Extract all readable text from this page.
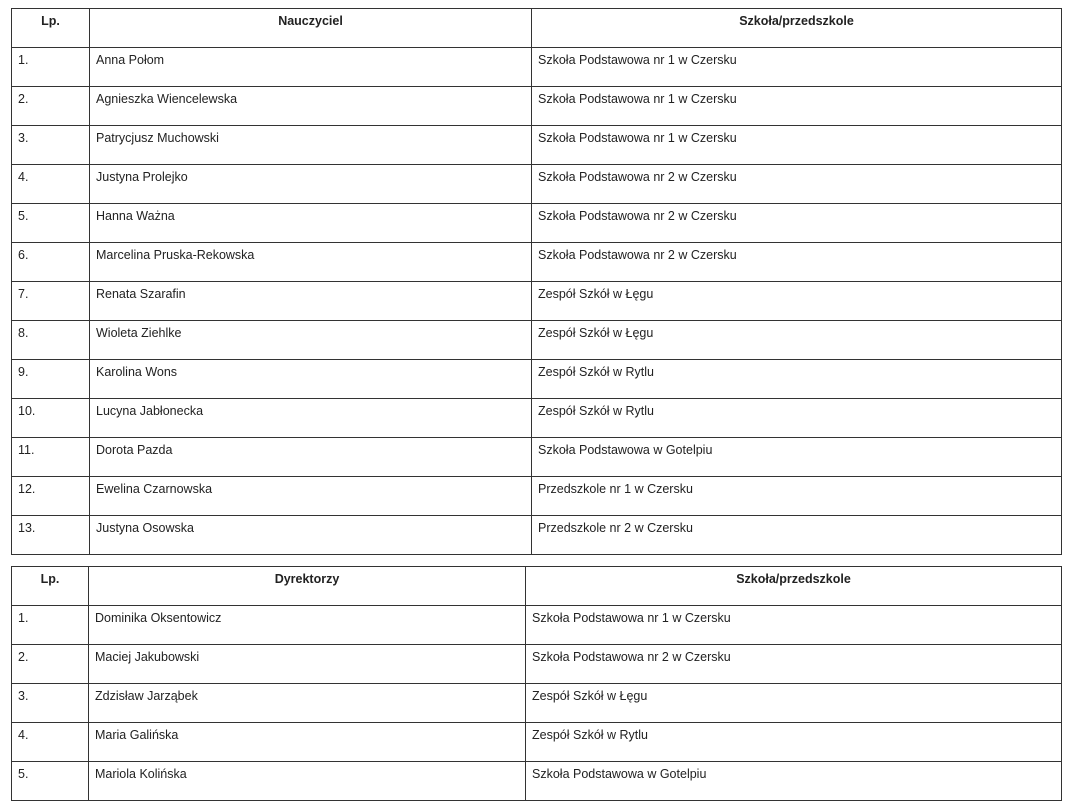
Lp.	Nauczyciel	Szkoła/przedszkole
1.	Anna Połom	Szkoła Podstawowa nr 1 w Czersku
2.	Agnieszka Wiencelewska	Szkoła Podstawowa nr 1 w Czersku
3.	Patrycjusz Muchowski	Szkoła Podstawowa nr 1 w Czersku
4.	Justyna Prolejko	Szkoła Podstawowa nr 2 w Czersku
5.	Hanna Ważna	Szkoła Podstawowa nr 2 w Czersku
6.	Marcelina Pruska-Rekowska	Szkoła Podstawowa nr 2 w Czersku
7.	Renata Szarafin	Zespół Szkół w Łęgu
8.	Wioleta Ziehlke	Zespół Szkół w Łęgu
9.	Karolina Wons	Zespół Szkół w Rytlu
10.	Lucyna Jabłonecka	Zespół Szkół w Rytlu
11.	Dorota Pazda	Szkoła Podstawowa w Gotelpiu
12.	Ewelina Czarnowska	Przedszkole nr 1 w Czersku
13.	Justyna Osowska	Przedszkole nr 2 w Czersku
Lp.	Dyrektorzy	Szkoła/przedszkole
1.	Dominika Oksentowicz	Szkoła Podstawowa nr 1 w Czersku
2.	Maciej Jakubowski	Szkoła Podstawowa nr 2 w Czersku
3.	Zdzisław Jarząbek	Zespół Szkół w Łęgu
4.	Maria Galińska	Zespół Szkół w Rytlu
5.	Mariola Kolińska	Szkoła Podstawowa w Gotelpiu
